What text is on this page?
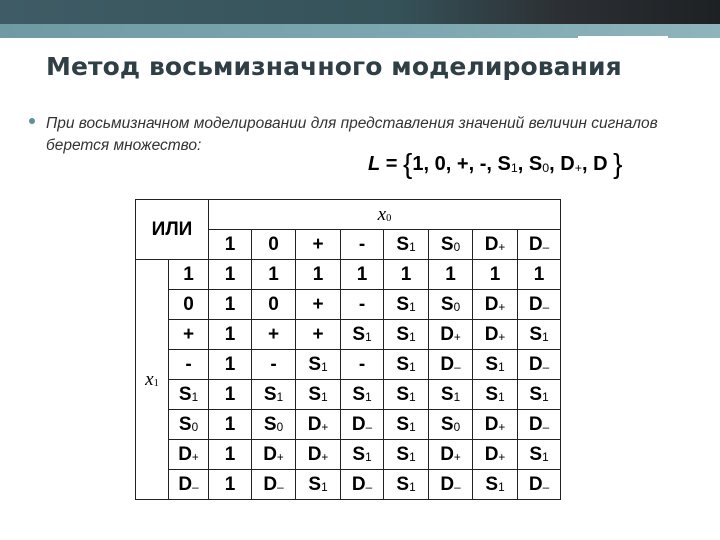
Метод восьмизначного моделирования
При восьмизначном моделировании для представления значений величин сигналов берется множество:
L = {1, 0, +, -, $S_1$, $S_0$, $D_+$, D }
ИЛИ		$x_0$
		1	0	+	-	$S_1$	$S_0$	$D_+$	$D_-$
$x_1$	1	1	1	1	1	1	1	1	1
	0	1	0	+	-	$S_1$	$S_0$	$D_+$	$D_-$
	+	1	+	+	$S_1$	$S_1$	$D_+$	$D_+$	$S_1$
	-	1	-	$S_1$	-	$S_1$	$D_-$	$S_1$	$D_-$
	$S_1$	1	$S_1$	$S_1$	$S_1$	$S_1$	$S_1$	$S_1$	$S_1$
	$S_0$	1	$S_0$	$D_+$	$D_-$	$S_1$	$S_0$	$D_+$	$D_-$
	$D_+$	1	$D_+$	$D_+$	$S_1$	$S_1$	$D_+$	$D_+$	$S_1$
	$D_-$	1	$D_-$	$S_1$	$D_-$	$S_1$	$D_-$	$S_1$	$D_-$
